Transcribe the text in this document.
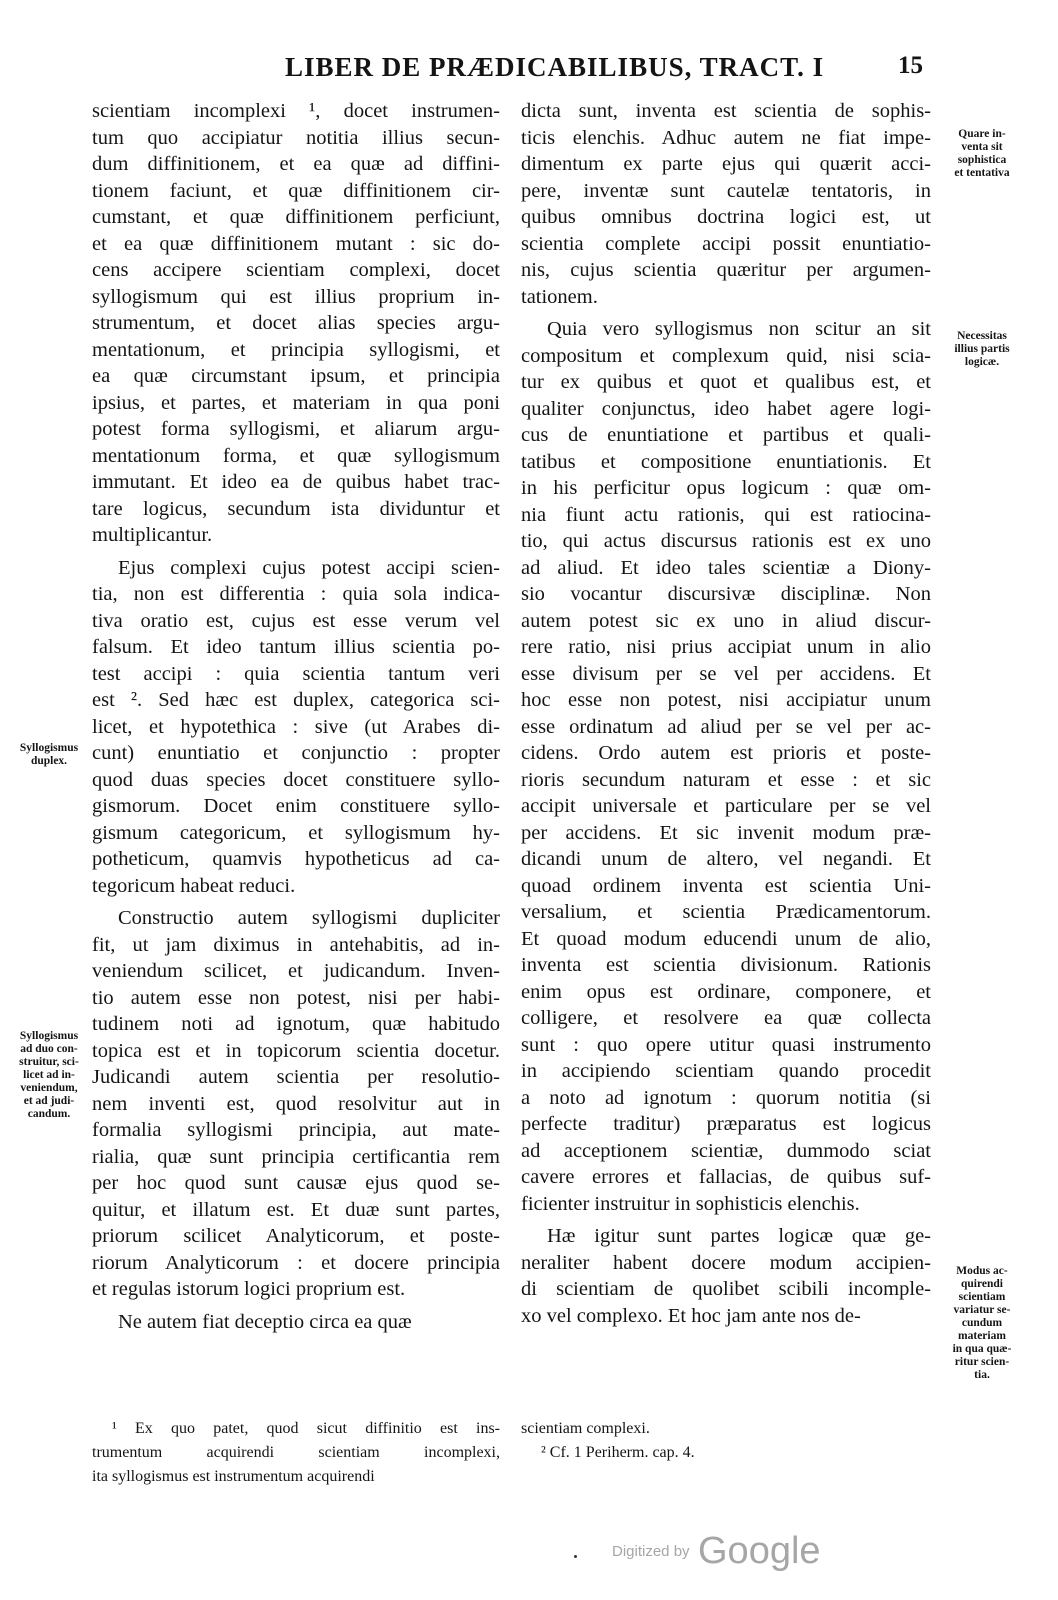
LIBER DE PRÆDICABILIBUS, TRACT. I	15
scientiam incomplexi ¹, docet instrumen-
tum quo accipiatur notitia illius secun-
dum diffinitionem, et ea quæ ad diffini-
tionem faciunt, et quæ diffinitionem cir-
cumstant, et quæ diffinitionem perficiunt,
et ea quæ diffinitionem mutant : sic do-
cens accipere scientiam complexi, docet
syllogismum qui est illius proprium in-
strumentum, et docet alias species argu-
mentationum, et principia syllogismi, et
ea quæ circumstant ipsum, et principia
ipsius, et partes, et materiam in qua poni
potest forma syllogismi, et aliarum argu-
mentationum forma, et quæ syllogismum
immutant. Et ideo ea de quibus habet trac-
tare logicus, secundum ista dividuntur et
multiplicantur.
Ejus complexi cujus potest accipi scien-
tia, non est differentia : quia sola indica-
tiva oratio est, cujus est esse verum vel
falsum. Et ideo tantum illius scientia po-
test accipi : quia scientia tantum veri
est ². Sed hæc est duplex, categorica sci-
licet, et hypotethica : sive (ut Arabes di-
cunt) enuntiatio et conjunctio : propter
quod duas species docet constituere syllo-
gismorum. Docet enim constituere syllo-
gismum categoricum, et syllogismum hy-
potheticum, quamvis hypotheticus ad ca-
tegoricum habeat reduci.
Constructio autem syllogismi dupliciter
fit, ut jam diximus in antehabitis, ad in-
veniendum scilicet, et judicandum. Inven-
tio autem esse non potest, nisi per habi-
tudinem noti ad ignotum, quæ habitudo
topica est et in topicorum scientia docetur.
Judicandi autem scientia per resolutio-
nem inventi est, quod resolvitur aut in
formalia syllogismi principia, aut mate-
rialia, quæ sunt principia certificantia rem
per hoc quod sunt causæ ejus quod se-
quitur, et illatum est. Et duæ sunt partes,
priorum scilicet Analyticorum, et poste-
riorum Analyticorum : et docere principia
et regulas istorum logici proprium est.
Ne autem fiat deceptio circa ea quæ
dicta sunt, inventa est scientia de sophis-
ticis elenchis. Adhuc autem ne fiat impe-
dimentum ex parte ejus qui quærit acci-
pere, inventæ sunt cautelæ tentatoris, in
quibus omnibus doctrina logici est, ut
scientia complete accipi possit enuntiatio-
nis, cujus scientia quæritur per argumen-
tationem.
Quia vero syllogismus non scitur an sit
compositum et complexum quid, nisi scia-
tur ex quibus et quot et qualibus est, et
qualiter conjunctus, ideo habet agere logi-
cus de enuntiatione et partibus et quali-
tatibus et compositione enuntiationis. Et
in his perficitur opus logicum : quæ om-
nia fiunt actu rationis, qui est ratiocina-
tio, qui actus discursus rationis est ex uno
ad aliud. Et ideo tales scientiæ a Diony-
sio vocantur discursivæ disciplinæ. Non
autem potest sic ex uno in aliud discur-
rere ratio, nisi prius accipiat unum in alio
esse divisum per se vel per accidens. Et
hoc esse non potest, nisi accipiatur unum
esse ordinatum ad aliud per se vel per ac-
cidens. Ordo autem est prioris et poste-
rioris secundum naturam et esse : et sic
accipit universale et particulare per se vel
per accidens. Et sic invenit modum præ-
dicandi unum de altero, vel negandi. Et
quoad ordinem inventa est scientia Uni-
versalium, et scientia Prædicamentorum.
Et quoad modum educendi unum de alio,
inventa est scientia divisionum. Rationis
enim opus est ordinare, componere, et
colligere, et resolvere ea quæ collecta
sunt : quo opere utitur quasi instrumento
in accipiendo scientiam quando procedit
a noto ad ignotum : quorum notitia (si
perfecte traditur) præparatus est logicus
ad acceptionem scientiæ, dummodo sciat
cavere errores et fallacias, de quibus suf-
ficienter instruitur in sophisticis elenchis.
Hæ igitur sunt partes logicæ quæ ge-
neraliter habent docere modum accipien-
di scientiam de quolibet scibili incomple-
xo vel complexo. Et hoc jam ante nos de-
Syllogismus
duplex.
Syllogismus
ad duo con-
struitur, sci-
licet ad in-
veniendum,
et ad judi-
candum.
Quare in-
venta sit
sophistica
et tentativa
Necessitas
illius partis
logicæ.
Modus ac-
quirendi
scientiam
variatur se-
cundum
materiam
in qua quæ-
ritur scien-
tia.
¹ Ex quo patet, quod sicut diffinitio est ins-
trumentum acquirendi scientiam incomplexi,
ita syllogismus est instrumentum acquirendi
scientiam complexi.
² Cf. 1 Periherm. cap. 4.
Digitized by Google
